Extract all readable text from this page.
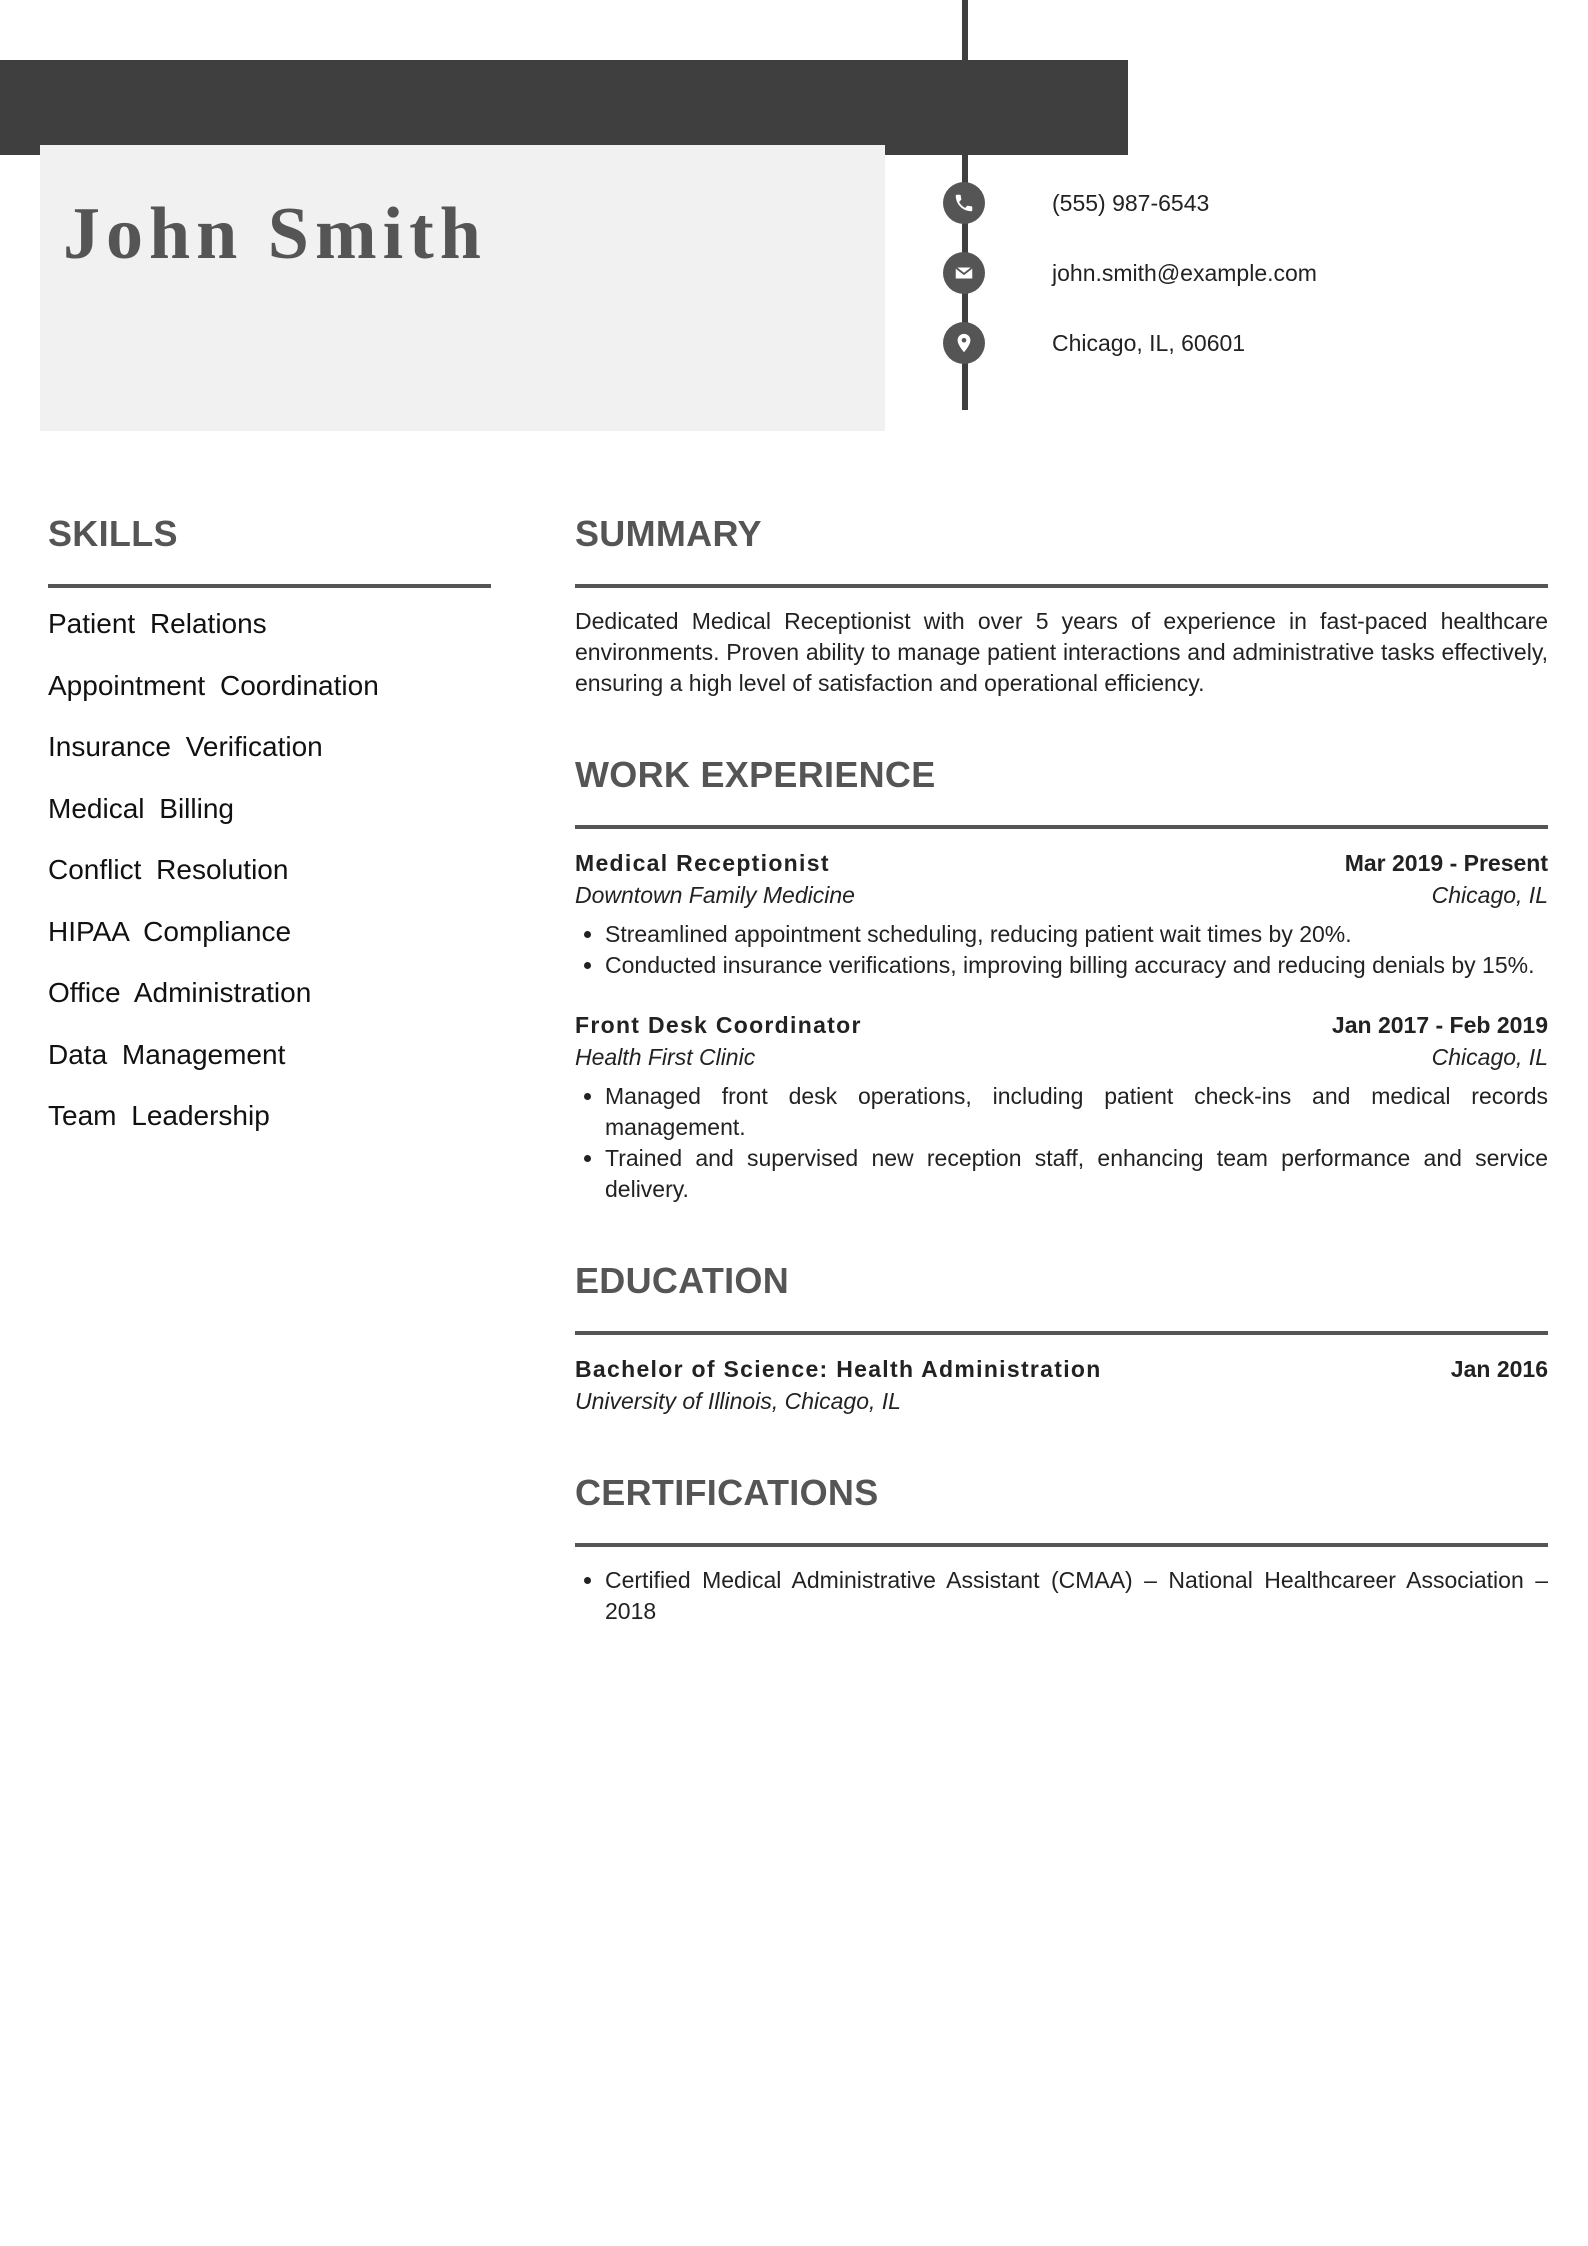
John Smith	(555) 987-6543
john.smith@example.com
Chicago, IL, 60601
SKILLS
Patient Relations
Appointment Coordination
Insurance Verification
Medical Billing
Conflict Resolution
HIPAA Compliance
Office Administration
Data Management
Team Leadership
SUMMARY

Dedicated Medical Receptionist with over 5 years of experience in fast-paced healthcare environments. Proven ability to manage patient interactions and administrative tasks effectively, ensuring a high level of satisfaction and operational efficiency.

WORK EXPERIENCE
Medical Receptionist	Mar 2019 - Present
Downtown Family Medicine	Chicago, IL
• Streamlined appointment scheduling, reducing patient wait times by 20%.
• Conducted insurance verifications, improving billing accuracy and reducing denials by 15%.
Front Desk Coordinator	Jan 2017 - Feb 2019
Health First Clinic	Chicago, IL
• Managed front desk operations, including patient check-ins and medical records management.
• Trained and supervised new reception staff, enhancing team performance and service delivery.
EDUCATION
Bachelor of Science: Health Administration	Jan 2016
University of Illinois, Chicago, IL
CERTIFICATIONS
• Certified Medical Administrative Assistant (CMAA) – National Healthcareer Association – 2018
